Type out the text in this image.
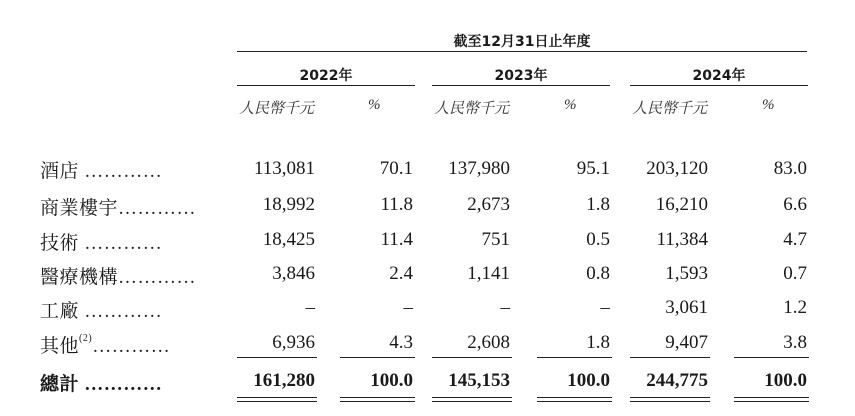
截至12月31日止年度
2022年	2023年	2024年
人民幣千元	%	人民幣千元	%	人民幣千元	%
酒店 …………	113,081	70.1	137,980	95.1	203,120	83.0
商業樓宇…………	18,992	11.8	2,673	1.8	16,210	6.6
技術 …………	18,425	11.4	751	0.5	11,384	4.7
醫療機構…………	3,846	2.4	1,141	0.8	1,593	0.7
工廠 …………	–	–	–	–	3,061	1.2
其他$^{(2)}$…………	6,936	4.3	2,608	1.8	9,407	3.8
總計 …………	161,280	100.0	145,153	100.0	244,775	100.0
